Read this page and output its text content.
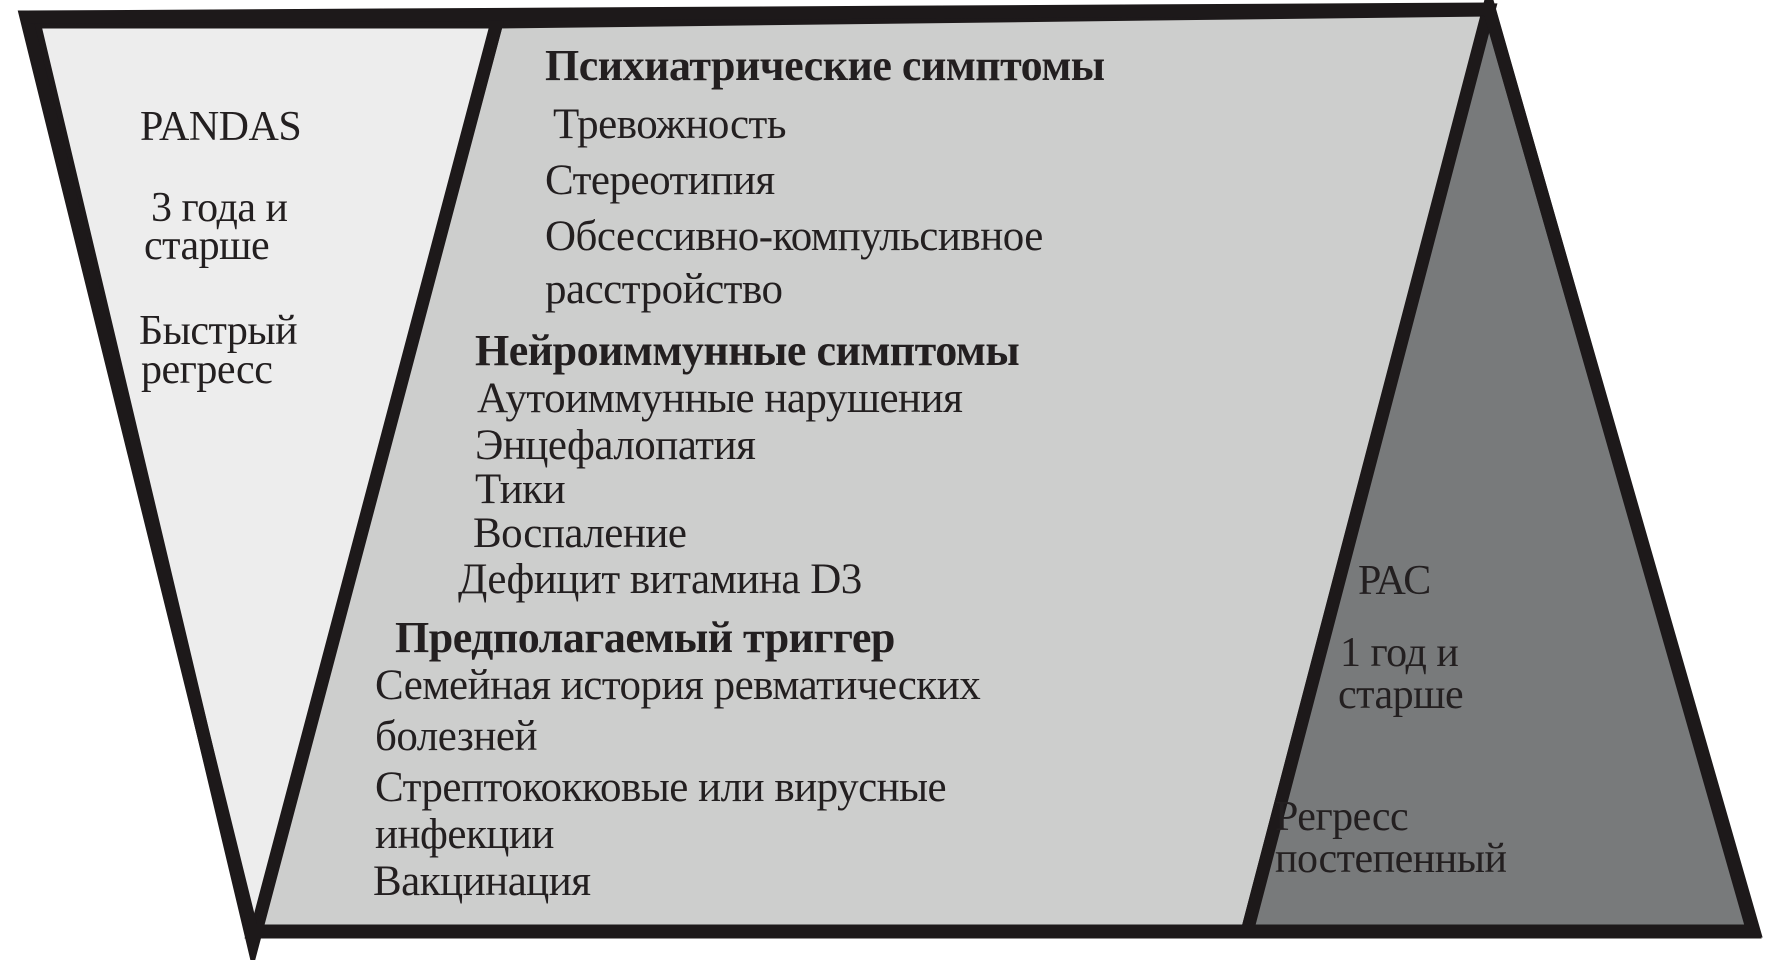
PANDAS
3 года и
старше
Быстрый
регресс
Психиатрические симптомы
Тревожность
Стереотипия
Обсессивно-компульсивное
расстройство
Нейроиммунные симптомы
Аутоиммунные нарушения
Энцефалопатия
Тики
Воспаление
Дефицит витамина D3
Предполагаемый триггер
Семейная история ревматических
болезней
Стрептококковые или вирусные
инфекции
Вакцинация
РАС
1 год и
старше
Регресс
постепенный
